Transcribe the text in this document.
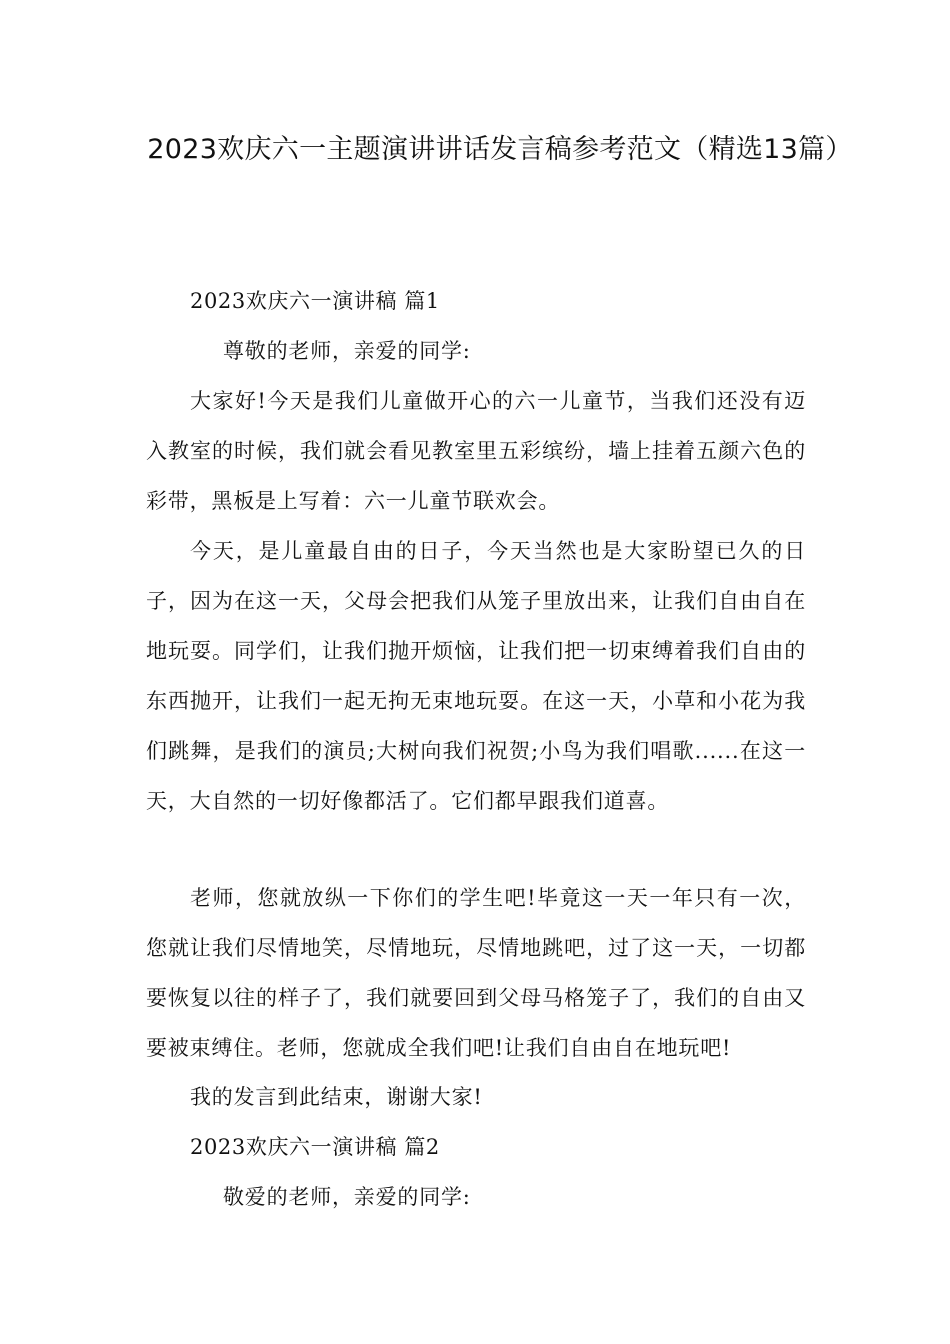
2023欢庆六一主题演讲讲话发言稿参考范文（精选13篇）
2023欢庆六一演讲稿 篇1
尊敬的老师，亲爱的同学:
大家好!今天是我们儿童做开心的六一儿童节，当我们还没有迈入教室的时候，我们就会看见教室里五彩缤纷，墙上挂着五颜六色的彩带，黑板是上写着：六一儿童节联欢会。
今天，是儿童最自由的日子，今天当然也是大家盼望已久的日子，因为在这一天，父母会把我们从笼子里放出来，让我们自由自在地玩耍。同学们，让我们抛开烦恼，让我们把一切束缚着我们自由的东西抛开，让我们一起无拘无束地玩耍。在这一天，小草和小花为我们跳舞，是我们的演员;大树向我们祝贺;小鸟为我们唱歌......在这一天，大自然的一切好像都活了。它们都早跟我们道喜。
老师，您就放纵一下你们的学生吧!毕竟这一天一年只有一次，您就让我们尽情地笑，尽情地玩，尽情地跳吧，过了这一天，一切都要恢复以往的样子了，我们就要回到父母马格笼子了，我们的自由又要被束缚住。老师，您就成全我们吧!让我们自由自在地玩吧!
我的发言到此结束，谢谢大家!
2023欢庆六一演讲稿 篇2
敬爱的老师，亲爱的同学:
